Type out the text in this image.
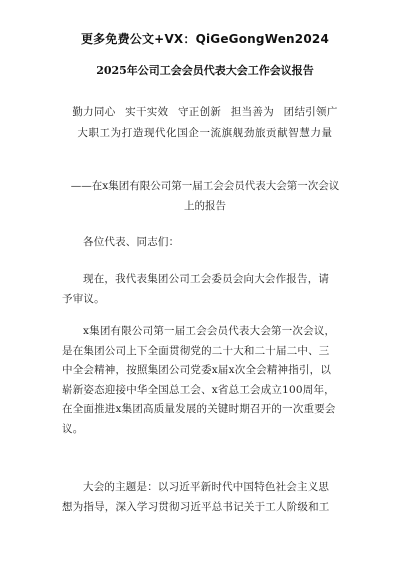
更多免费公文+VX：QiGeGongWen2024
2025年公司工会会员代表大会工作会议报告
勤力同心 实干实效 守正创新 担当善为 团结引领广
大职工为打造现代化国企一流旗舰劲旅贡献智慧力量
——在x集团有限公司第一届工会会员代表大会第一次会议
上的报告
各位代表、同志们：
现在，我代表集团公司工会委员会向大会作报告，请
予审议。
x集团有限公司第一届工会会员代表大会第一次会议，
是在集团公司上下全面贯彻党的二十大和二十届二中、三
中全会精神，按照集团公司党委x届x次全会精神指引，以
崭新姿态迎接中华全国总工会、x省总工会成立100周年，
在全面推进x集团高质量发展的关键时期召开的一次重要会
议。
大会的主题是：以习近平新时代中国特色社会主义思
想为指导，深入学习贯彻习近平总书记关于工人阶级和工
